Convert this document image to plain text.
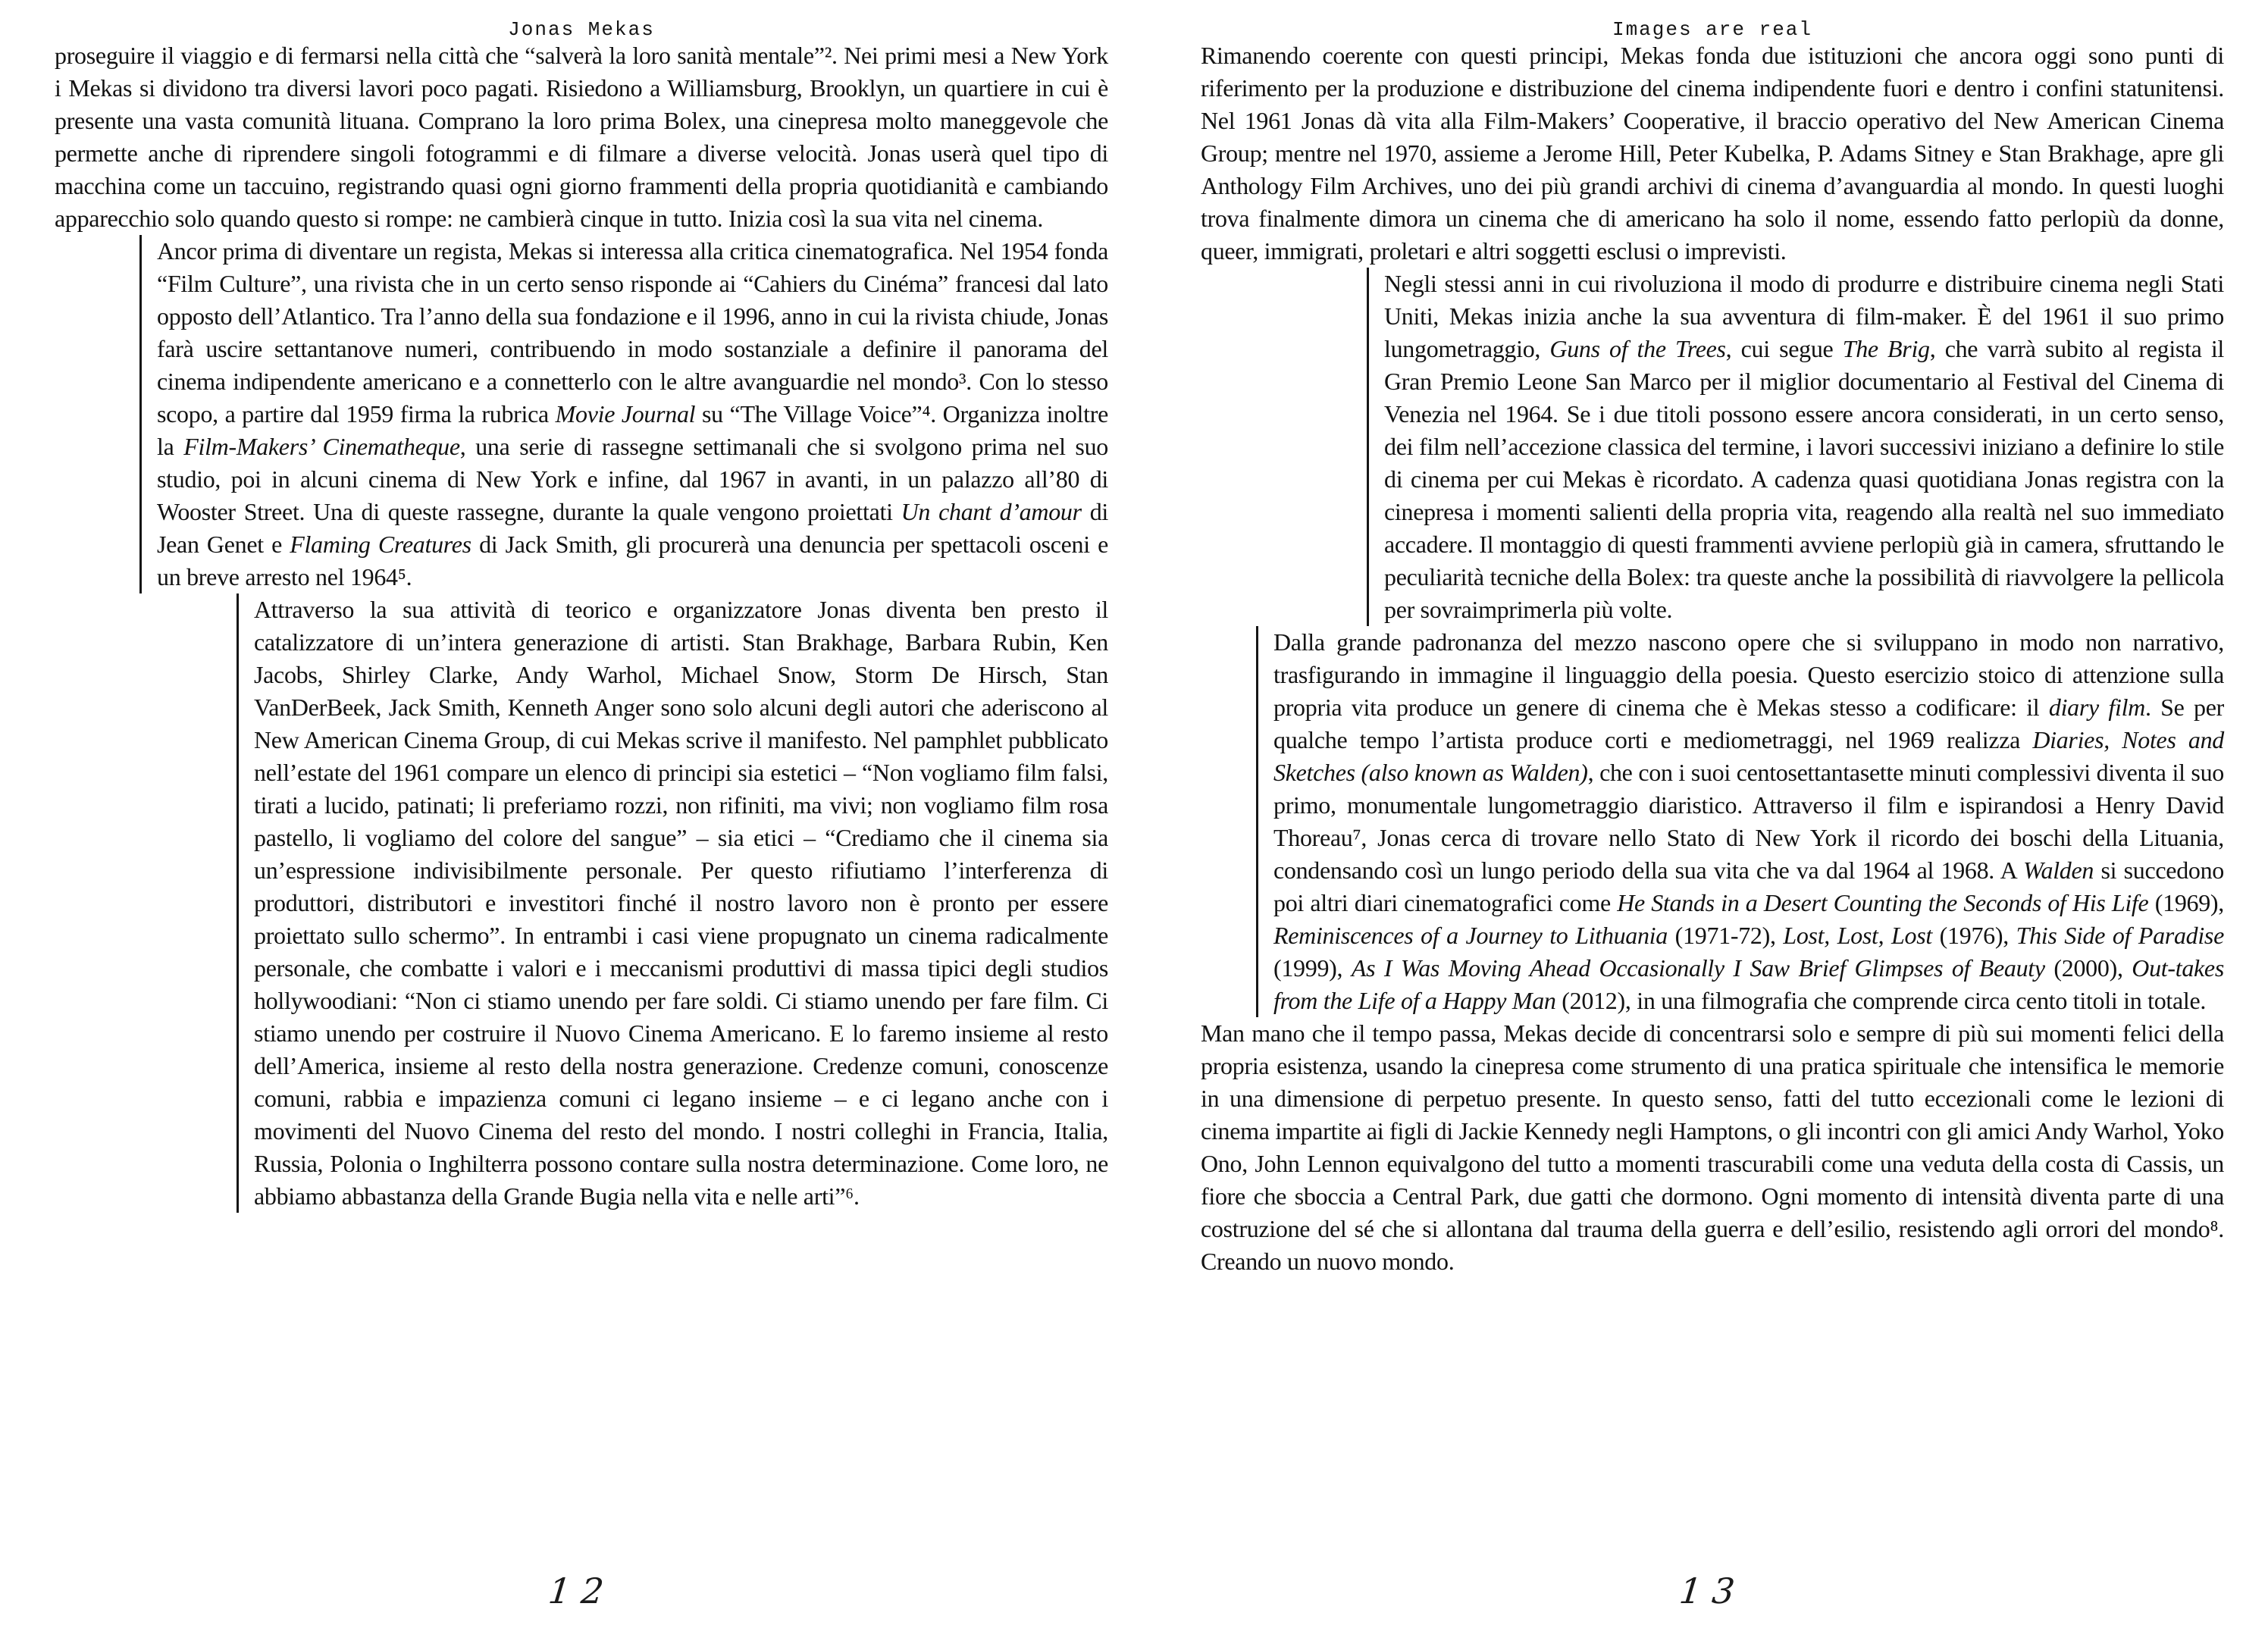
Jonas Mekas

proseguire il viaggio e di fermarsi nella città che “salverà la loro sanità mentale”². Nei primi mesi a New York i Mekas si dividono tra diversi lavori poco pagati. Risiedono a Williamsburg, Brooklyn, un quartiere in cui è presente una vasta comunità lituana. Comprano la loro prima Bolex, una cinepresa molto maneggevole che permette anche di riprendere singoli fotogrammi e di filmare a diverse velocità. Jonas userà quel tipo di macchina come un taccuino, registrando quasi ogni giorno frammenti della propria quotidianità e cambiando apparecchio solo quando questo si rompe: ne cambierà cinque in tutto. Inizia così la sua vita nel cinema.

Ancor prima di diventare un regista, Mekas si interessa alla critica cinematografica. Nel 1954 fonda “Film Culture”, una rivista che in un certo senso risponde ai “Cahiers du Cinéma” francesi dal lato opposto dell’Atlantico. Tra l’anno della sua fondazione e il 1996, anno in cui la rivista chiude, Jonas farà uscire settantanove numeri, contribuendo in modo sostanziale a definire il panorama del cinema indipendente americano e a connetterlo con le altre avanguardie nel mondo³. Con lo stesso scopo, a partire dal 1959 firma la rubrica Movie Journal su “The Village Voice”⁴. Organizza inoltre la Film-Makers’ Cinematheque, una serie di rassegne settimanali che si svolgono prima nel suo studio, poi in alcuni cinema di New York e infine, dal 1967 in avanti, in un palazzo all’80 di Wooster Street. Una di queste rassegne, durante la quale vengono proiettati Un chant d’amour di Jean Genet e Flaming Creatures di Jack Smith, gli procurerà una denuncia per spettacoli osceni e un breve arresto nel 1964⁵.

Attraverso la sua attività di teorico e organizzatore Jonas diventa ben presto il catalizzatore di un’intera generazione di artisti. Stan Brakhage, Barbara Rubin, Ken Jacobs, Shirley Clarke, Andy Warhol, Michael Snow, Storm De Hirsch, Stan VanDerBeek, Jack Smith, Kenneth Anger sono solo alcuni degli autori che aderiscono al New American Cinema Group, di cui Mekas scrive il manifesto. Nel pamphlet pubblicato nell’estate del 1961 compare un elenco di principi sia estetici – “Non vogliamo film falsi, tirati a lucido, patinati; li preferiamo rozzi, non rifiniti, ma vivi; non vogliamo film rosa pastello, li vogliamo del colore del sangue” – sia etici – “Crediamo che il cinema sia un’espressione indivisibilmente personale. Per questo rifiutiamo l’interferenza di produttori, distributori e investitori finché il nostro lavoro non è pronto per essere proiettato sullo schermo”. In entrambi i casi viene propugnato un cinema radicalmente personale, che combatte i valori e i meccanismi produttivi di massa tipici degli studios hollywoodiani: “Non ci stiamo unendo per fare soldi. Ci stiamo unendo per fare film. Ci stiamo unendo per costruire il Nuovo Cinema Americano. E lo faremo insieme al resto dell’America, insieme al resto della nostra generazione. Credenze comuni, conoscenze comuni, rabbia e impazienza comuni ci legano insieme – e ci legano anche con i movimenti del Nuovo Cinema del resto del mondo. I nostri colleghi in Francia, Italia, Russia, Polonia o Inghilterra possono contare sulla nostra determinazione. Come loro, ne abbiamo abbastanza della Grande Bugia nella vita e nelle arti”⁶.

12
Images are real

Rimanendo coerente con questi principi, Mekas fonda due istituzioni che ancora oggi sono punti di riferimento per la produzione e distribuzione del cinema indipendente fuori e dentro i confini statunitensi. Nel 1961 Jonas dà vita alla Film-Makers’ Cooperative, il braccio operativo del New American Cinema Group; mentre nel 1970, assieme a Jerome Hill, Peter Kubelka, P. Adams Sitney e Stan Brakhage, apre gli Anthology Film Archives, uno dei più grandi archivi di cinema d’avanguardia al mondo. In questi luoghi trova finalmente dimora un cinema che di americano ha solo il nome, essendo fatto perlopiù da donne, queer, immigrati, proletari e altri soggetti esclusi o imprevisti.

Negli stessi anni in cui rivoluziona il modo di produrre e distribuire cinema negli Stati Uniti, Mekas inizia anche la sua avventura di film-maker. È del 1961 il suo primo lungometraggio, Guns of the Trees, cui segue The Brig, che varrà subito al regista il Gran Premio Leone San Marco per il miglior documentario al Festival del Cinema di Venezia nel 1964. Se i due titoli possono essere ancora considerati, in un certo senso, dei film nell’accezione classica del termine, i lavori successivi iniziano a definire lo stile di cinema per cui Mekas è ricordato. A cadenza quasi quotidiana Jonas registra con la cinepresa i momenti salienti della propria vita, reagendo alla realtà nel suo immediato accadere. Il montaggio di questi frammenti avviene perlopiù già in camera, sfruttando le peculiarità tecniche della Bolex: tra queste anche la possibilità di riavvolgere la pellicola per sovraimprimerla più volte.

Dalla grande padronanza del mezzo nascono opere che si sviluppano in modo non narrativo, trasfigurando in immagine il linguaggio della poesia. Questo esercizio stoico di attenzione sulla propria vita produce un genere di cinema che è Mekas stesso a codificare: il diary film. Se per qualche tempo l’artista produce corti e mediometraggi, nel 1969 realizza Diaries, Notes and Sketches (also known as Walden), che con i suoi centosettantasette minuti complessivi diventa il suo primo, monumentale lungometraggio diaristico. Attraverso il film e ispirandosi a Henry David Thoreau⁷, Jonas cerca di trovare nello Stato di New York il ricordo dei boschi della Lituania, condensando così un lungo periodo della sua vita che va dal 1964 al 1968. A Walden si succedono poi altri diari cinematografici come He Stands in a Desert Counting the Seconds of His Life (1969), Reminiscences of a Journey to Lithuania (1971-72), Lost, Lost, Lost (1976), This Side of Paradise (1999), As I Was Moving Ahead Occasionally I Saw Brief Glimpses of Beauty (2000), Out-takes from the Life of a Happy Man (2012), in una filmografia che comprende circa cento titoli in totale.

Man mano che il tempo passa, Mekas decide di concentrarsi solo e sempre di più sui momenti felici della propria esistenza, usando la cinepresa come strumento di una pratica spirituale che intensifica le memorie in una dimensione di perpetuo presente. In questo senso, fatti del tutto eccezionali come le lezioni di cinema impartite ai figli di Jackie Kennedy negli Hamptons, o gli incontri con gli amici Andy Warhol, Yoko Ono, John Lennon equivalgono del tutto a momenti trascurabili come una veduta della costa di Cassis, un fiore che sboccia a Central Park, due gatti che dormono. Ogni momento di intensità diventa parte di una costruzione del sé che si allontana dal trauma della guerra e dell’esilio, resistendo agli orrori del mondo⁸. Creando un nuovo mondo.

13
